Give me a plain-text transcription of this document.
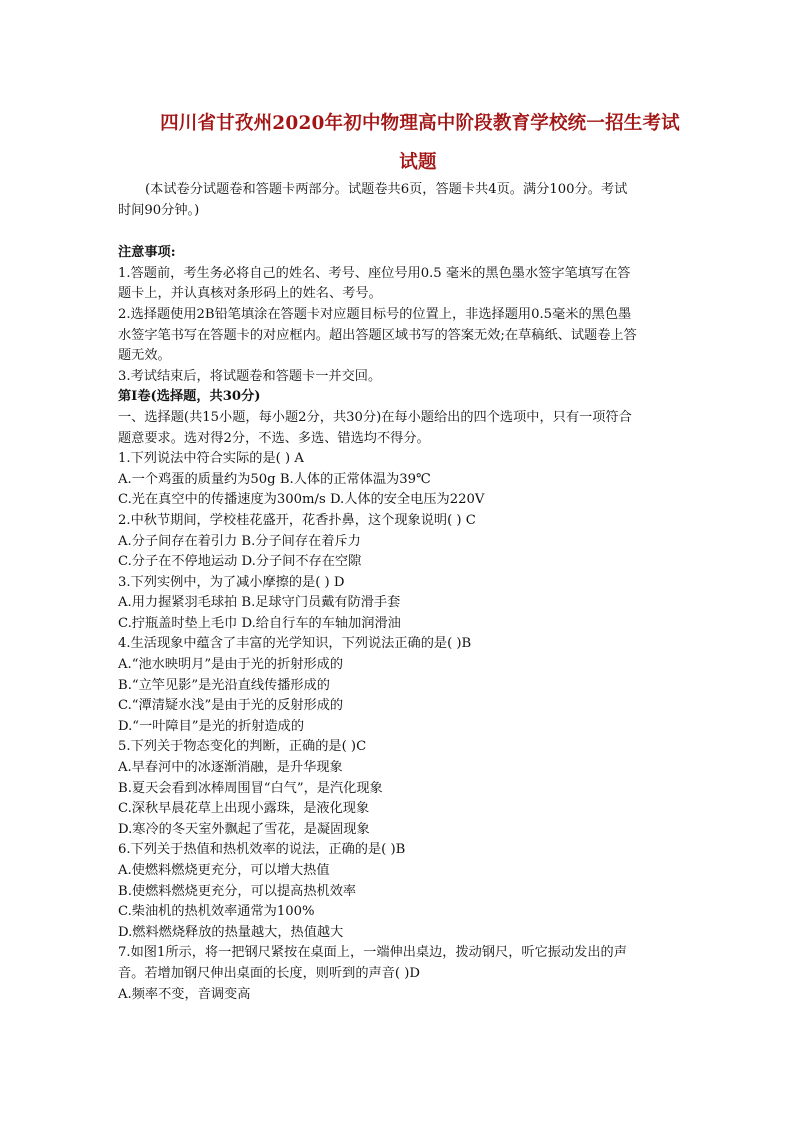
四川省甘孜州2020年初中物理高中阶段教育学校统一招生考试
试题
(本试卷分试题卷和答题卡两部分。试题卷共6页，答题卡共4页。满分100分。考试
时间90分钟。)
注意事项:
1.答题前，考生务必将自己的姓名、考号、座位号用0.5 毫米的黑色墨水签字笔填写在答
题卡上，并认真核对条形码上的姓名、考号。
2.选择题使用2B铅笔填涂在答题卡对应题目标号的位置上，非选择题用0.5毫米的黑色墨
水签字笔书写在答题卡的对应框内。超出答题区域书写的答案无效;在草稿纸、试题卷上答
题无效。
3.考试结束后，将试题卷和答题卡一并交回。
第Ⅰ卷(选择题，共30分)
一、选择题(共15小题，每小题2分，共30分)在每小题给出的四个选项中，只有一项符合
题意要求。选对得2分，不选、多选、错选均不得分。
1.下列说法中符合实际的是( ) A
A.一个鸡蛋的质量约为50g B.人体的正常体温为39℃
C.光在真空中的传播速度为300m/s D.人体的安全电压为220V
2.中秋节期间，学校桂花盛开，花香扑鼻，这个现象说明( ) C
A.分子间存在着引力 B.分子间存在着斥力
C.分子在不停地运动 D.分子间不存在空隙
3.下列实例中，为了减小摩擦的是( ) D
A.用力握紧羽毛球拍 B.足球守门员戴有防滑手套
C.拧瓶盖时垫上毛巾 D.给自行车的车轴加润滑油
4.生活现象中蕴含了丰富的光学知识，下列说法正确的是( )B
A.“池水映明月”是由于光的折射形成的
B.“立竿见影”是光沿直线传播形成的
C.“潭清疑水浅”是由于光的反射形成的
D.“一叶障目”是光的折射造成的
5.下列关于物态变化的判断，正确的是( )C
A.早春河中的冰逐渐消融，是升华现象
B.夏天会看到冰棒周围冒“白气”，是汽化现象
C.深秋早晨花草上出现小露珠，是液化现象
D.寒冷的冬天室外飘起了雪花，是凝固现象
6.下列关于热值和热机效率的说法，正确的是( )B
A.使燃料燃烧更充分，可以增大热值
B.使燃料燃烧更充分，可以提高热机效率
C.柴油机的热机效率通常为100%
D.燃料燃烧释放的热量越大，热值越大
7.如图1所示，将一把钢尺紧按在桌面上，一端伸出桌边，拨动钢尺，听它振动发出的声
音。若增加钢尺伸出桌面的长度，则听到的声音( )D
A.频率不变，音调变高
